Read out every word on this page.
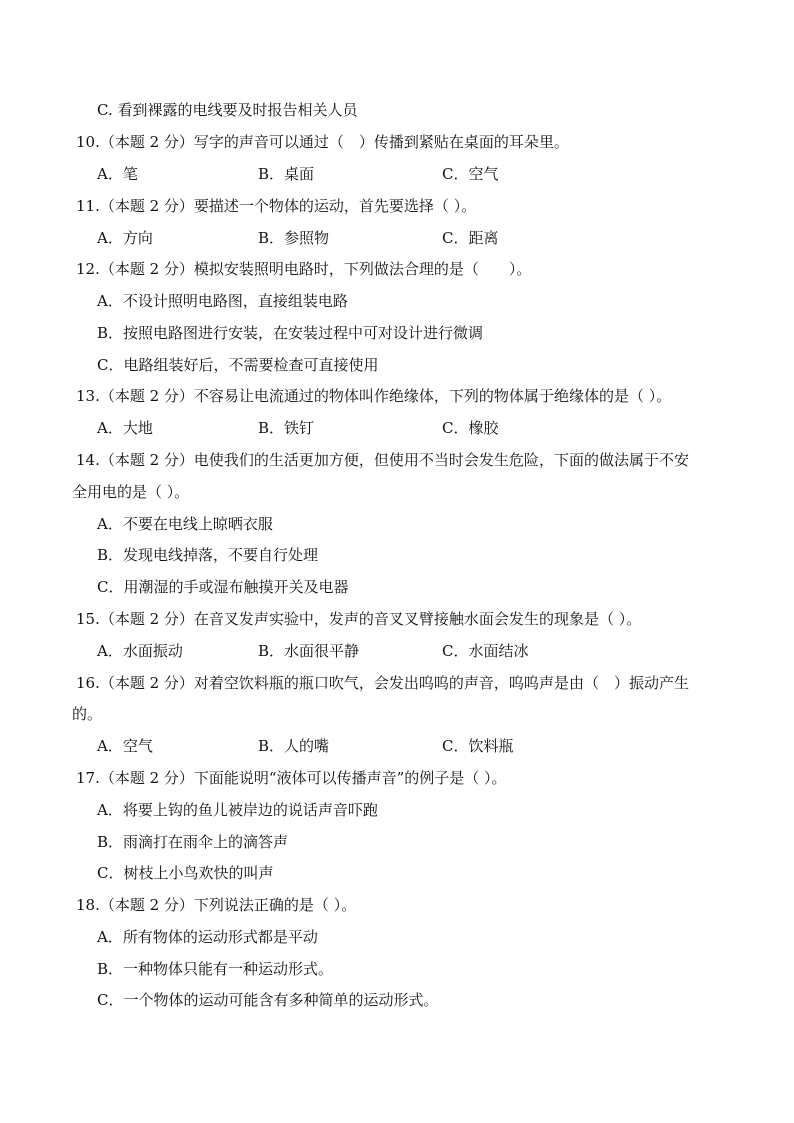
C. 看到裸露的电线要及时报告相关人员
10.（本题 2 分）写字的声音可以通过（　）传播到紧贴在桌面的耳朵里。
A．笔	B．桌面	C．空气
11.（本题 2 分）要描述一个物体的运动，首先要选择（ ）。
A．方向	B．参照物	C．距离
12.（本题 2 分）模拟安装照明电路时，下列做法合理的是（　　）。
A．不设计照明电路图，直接组装电路
B．按照电路图进行安装，在安装过程中可对设计进行微调
C．电路组装好后，不需要检查可直接使用
13.（本题 2 分）不容易让电流通过的物体叫作绝缘体，下列的物体属于绝缘体的是（ ）。
A．大地	B．铁钉	C．橡胶
14.（本题 2 分）电使我们的生活更加方便，但使用不当时会发生危险，下面的做法属于不安
全用电的是（ ）。
A．不要在电线上晾晒衣服
B．发现电线掉落，不要自行处理
C．用潮湿的手或湿布触摸开关及电器
15.（本题 2 分）在音叉发声实验中，发声的音叉叉臂接触水面会发生的现象是（ ）。
A．水面振动	B．水面很平静	C．水面结冰
16.（本题 2 分）对着空饮料瓶的瓶口吹气，会发出呜呜的声音，呜呜声是由（　）振动产生
的。
A．空气	B．人的嘴	C．饮料瓶
17.（本题 2 分）下面能说明“液体可以传播声音”的例子是（ ）。
A．将要上钩的鱼儿被岸边的说话声音吓跑
B．雨滴打在雨伞上的滴答声
C．树枝上小鸟欢快的叫声
18.（本题 2 分）下列说法正确的是（ ）。
A．所有物体的运动形式都是平动
B．一种物体只能有一种运动形式。
C．一个物体的运动可能含有多种简单的运动形式。
